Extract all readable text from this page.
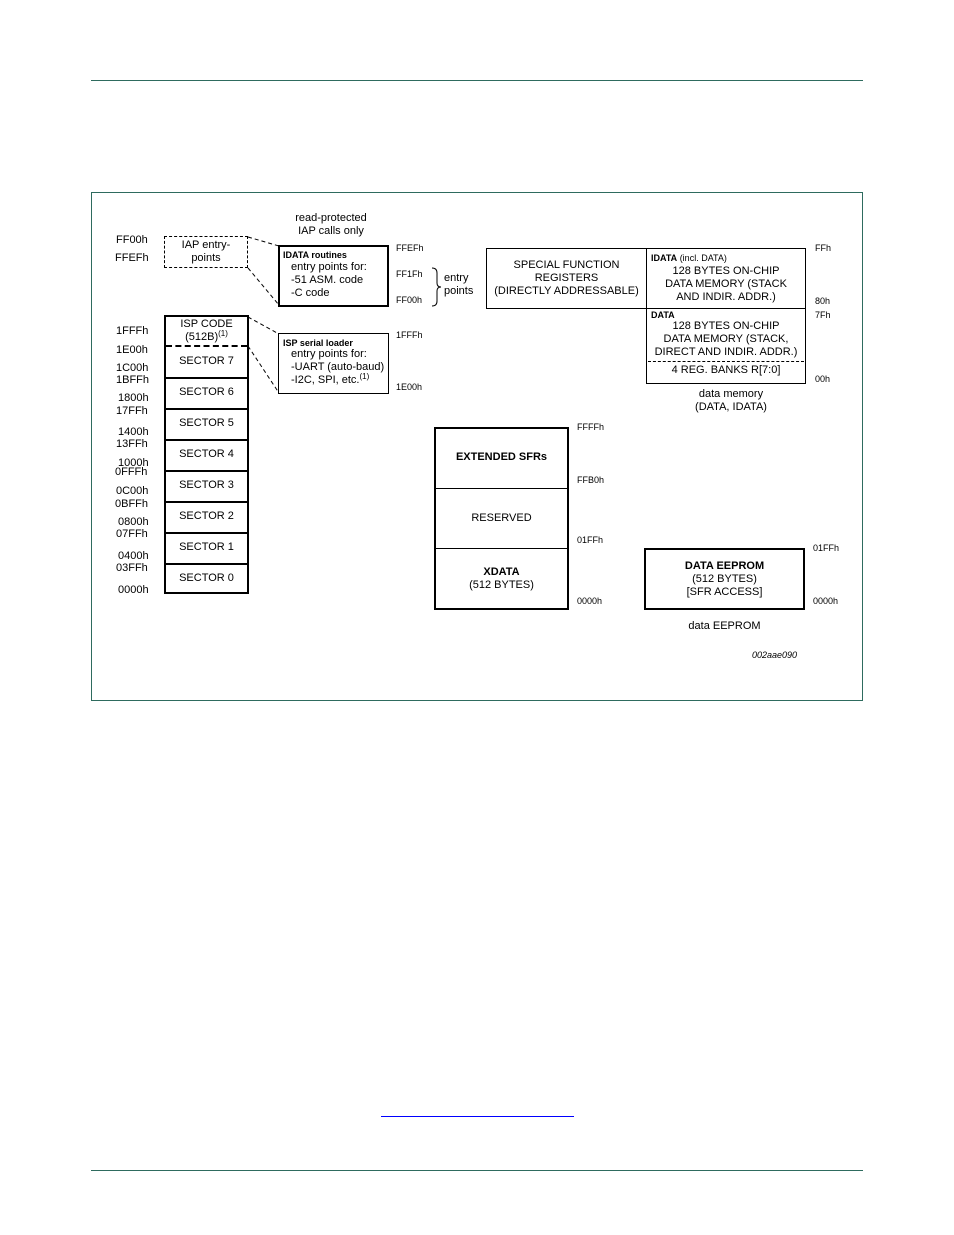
read-protected
IAP calls only
FF00h
FFEFh
1FFFh
1E00h
1C00h
1BFFh
1800h
17FFh
1400h
13FFh
1000h
0FFFh
0C00h
0BFFh
0800h
07FFh
0400h
03FFh
0000h
IAP entry-
points
ISP CODE
$(512B)^{(1)}$
SECTOR 7
SECTOR 6
SECTOR 5
SECTOR 4
SECTOR 3
SECTOR 2
SECTOR 1
SECTOR 0
IDATA routines
entry points for:
-51 ASM. code
-C code
FFEFh
FF1Fh
FF00h
entry
points
ISP serial loader
entry points for:
-UART (auto-baud)
-I2C, SPI, etc.$^{(1)}$
1FFFh
1E00h
SPECIAL FUNCTION
REGISTERS
(DIRECTLY ADDRESSABLE)
IDATA (incl. DATA)
128 BYTES ON-CHIP
DATA MEMORY (STACK
AND INDIR. ADDR.)
FFh
80h
DATA
128 BYTES ON-CHIP
DATA MEMORY (STACK,
DIRECT AND INDIR. ADDR.)
4 REG. BANKS R[7:0]
7Fh
00h
data memory
(DATA, IDATA)
EXTENDED SFRs
RESERVED
XDATA
(512 BYTES)
FFFFh
FFB0h
01FFh
0000h
DATA EEPROM
(512 BYTES)
[SFR ACCESS]
01FFh
0000h
data EEPROM
002aae090
